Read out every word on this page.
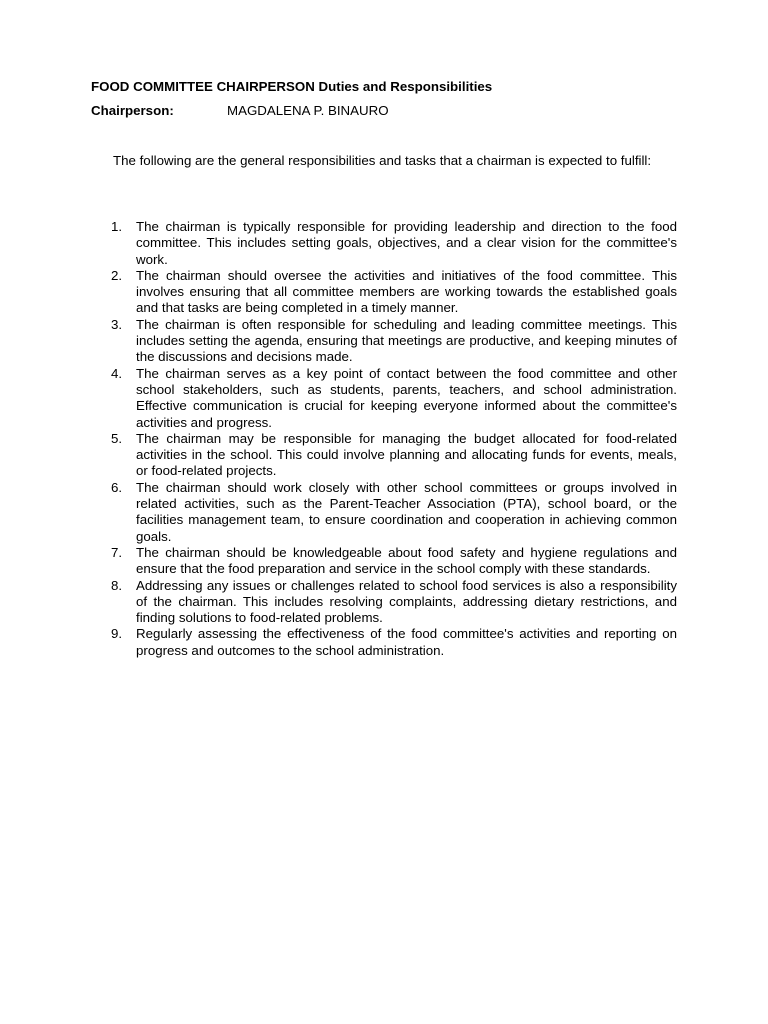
FOOD COMMITTEE CHAIRPERSON Duties and Responsibilities
Chairperson:	MAGDALENA P. BINAURO

The following are the general responsibilities and tasks that a chairman is expected to fulfill:

1. The chairman is typically responsible for providing leadership and direction to the food committee. This includes setting goals, objectives, and a clear vision for the committee's work.
2. The chairman should oversee the activities and initiatives of the food committee. This involves ensuring that all committee members are working towards the established goals and that tasks are being completed in a timely manner.
3. The chairman is often responsible for scheduling and leading committee meetings. This includes setting the agenda, ensuring that meetings are productive, and keeping minutes of the discussions and decisions made.
4. The chairman serves as a key point of contact between the food committee and other school stakeholders, such as students, parents, teachers, and school administration. Effective communication is crucial for keeping everyone informed about the committee's activities and progress.
5. The chairman may be responsible for managing the budget allocated for food-related activities in the school. This could involve planning and allocating funds for events, meals, or food-related projects.
6. The chairman should work closely with other school committees or groups involved in related activities, such as the Parent-Teacher Association (PTA), school board, or the facilities management team, to ensure coordination and cooperation in achieving common goals.
7. The chairman should be knowledgeable about food safety and hygiene regulations and ensure that the food preparation and service in the school comply with these standards.
8. Addressing any issues or challenges related to school food services is also a responsibility of the chairman. This includes resolving complaints, addressing dietary restrictions, and finding solutions to food-related problems.
9. Regularly assessing the effectiveness of the food committee's activities and reporting on progress and outcomes to the school administration.
